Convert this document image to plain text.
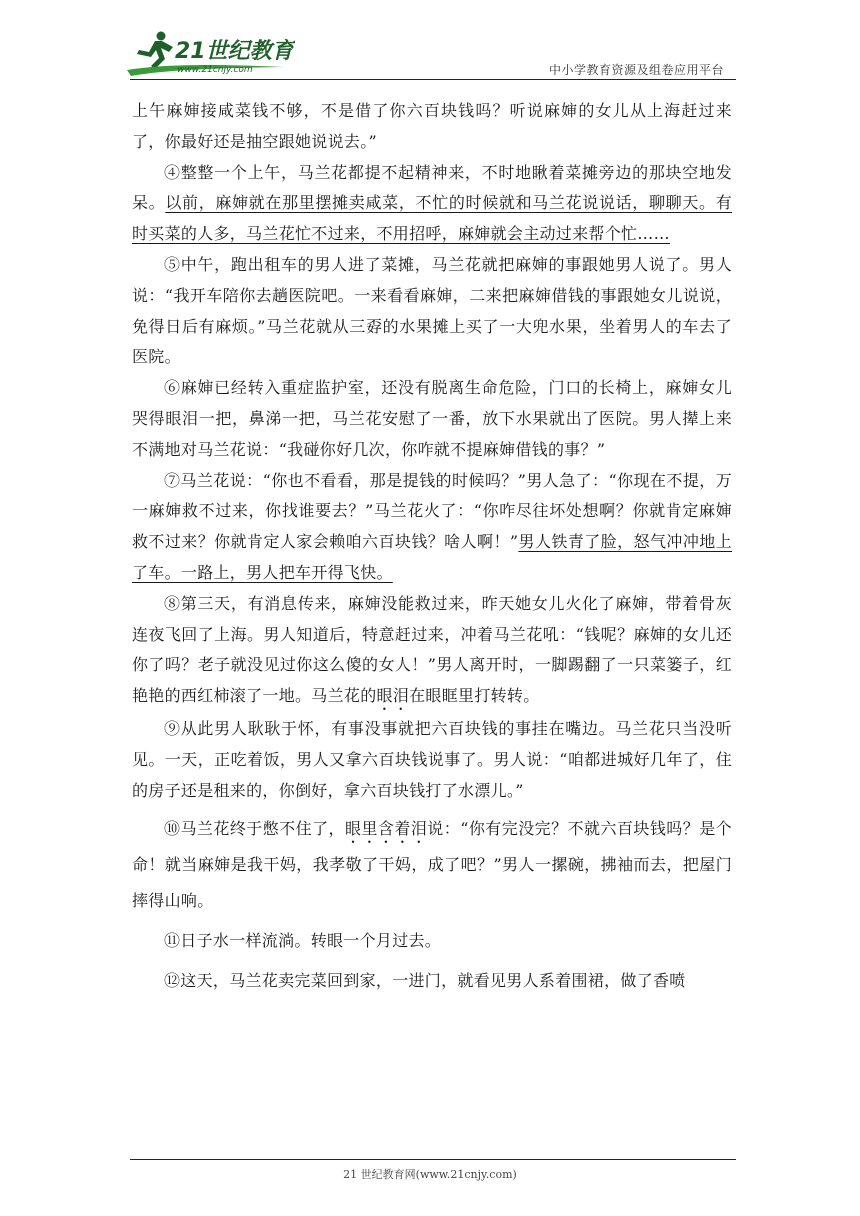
21世纪教育
www.21cnjy.com	中小学教育资源及组卷应用平台

上午麻婶接咸菜钱不够，不是借了你六百块钱吗？听说麻婶的女儿从上海赶过来了，你最好还是抽空跟她说说去。”

④整整一个上午，马兰花都提不起精神来，不时地瞅着菜摊旁边的那块空地发呆。以前，麻婶就在那里摆摊卖咸菜，不忙的时候就和马兰花说说话，聊聊天。有时买菜的人多，马兰花忙不过来，不用招呼，麻婶就会主动过来帮个忙……

⑤中午，跑出租车的男人进了菜摊，马兰花就把麻婶的事跟她男人说了。男人说：“我开车陪你去趟医院吧。一来看看麻婶，二来把麻婶借钱的事跟她女儿说说，免得日后有麻烦。”马兰花就从三孬的水果摊上买了一大兜水果，坐着男人的车去了医院。

⑥麻婶已经转入重症监护室，还没有脱离生命危险，门口的长椅上，麻婶女儿哭得眼泪一把，鼻涕一把，马兰花安慰了一番，放下水果就出了医院。男人撵上来不满地对马兰花说：“我碰你好几次，你咋就不提麻婶借钱的事？”

⑦马兰花说：“你也不看看，那是提钱的时候吗？”男人急了：“你现在不提，万一麻婶救不过来，你找谁要去？”马兰花火了：“你咋尽往坏处想啊？你就肯定麻婶救不过来？你就肯定人家会赖咱六百块钱？啥人啊！”男人铁青了脸，怒气冲冲地上了车。一路上，男人把车开得飞快。

⑧第三天，有消息传来，麻婶没能救过来，昨天她女儿火化了麻婶，带着骨灰连夜飞回了上海。男人知道后，特意赶过来，冲着马兰花吼：“钱呢？麻婶的女儿还你了吗？老子就没见过你这么傻的女人！”男人离开时，一脚踢翻了一只菜篓子，红艳艳的西红柿滚了一地。马兰花的眼泪在眼眶里打转转。

⑨从此男人耿耿于怀，有事没事就把六百块钱的事挂在嘴边。马兰花只当没听见。一天，正吃着饭，男人又拿六百块钱说事了。男人说：“咱都进城好几年了，住的房子还是租来的，你倒好，拿六百块钱打了水漂儿。”

⑩马兰花终于憋不住了，眼里含着泪说：“你有完没完？不就六百块钱吗？是个命！就当麻婶是我干妈，我孝敬了干妈，成了吧？”男人一摞碗，拂袖而去，把屋门摔得山响。

⑪日子水一样流淌。转眼一个月过去。

⑫这天，马兰花卖完菜回到家，一进门，就看见男人系着围裙，做了香喷

21 世纪教育网(www.21cnjy.com)
